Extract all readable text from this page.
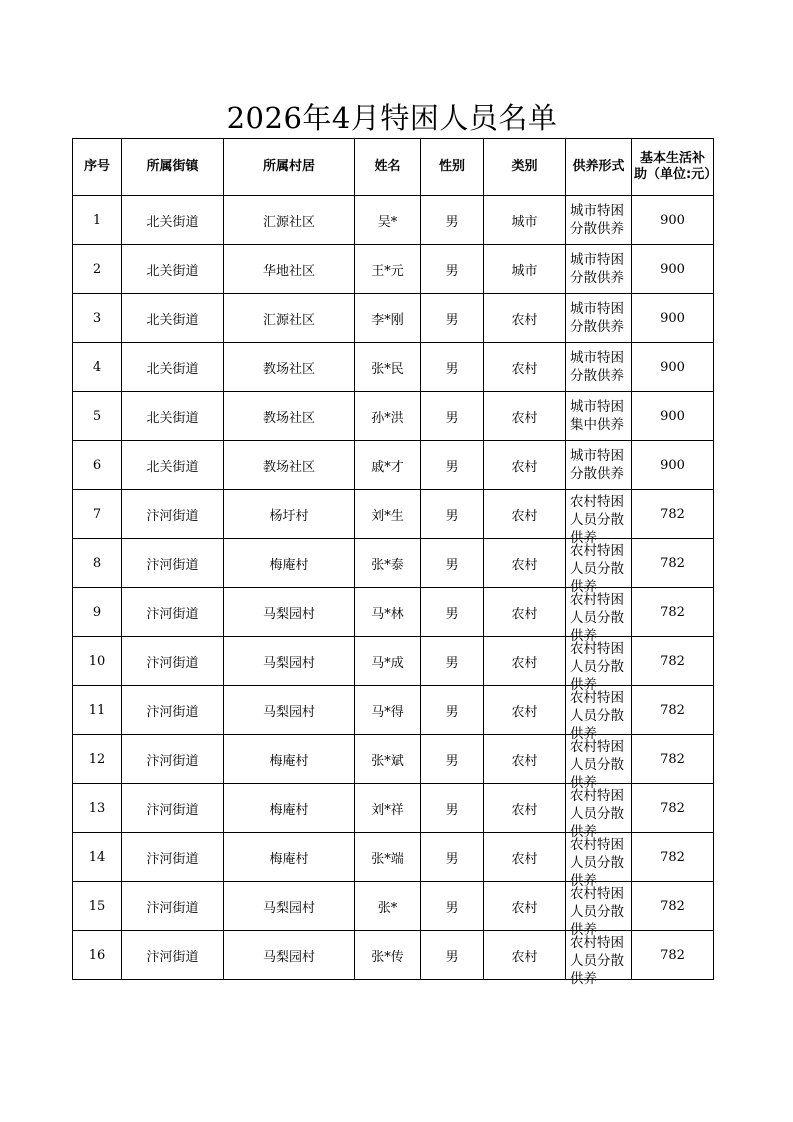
2026年4月特困人员名单
序号	所属街镇	所属村居	姓名	性别	类别	供养形式	基本生活补助（单位:元）

1	北关街道	汇源社区	吴*	男	城市	城市特困分散供养	900
2	北关街道	华地社区	王*元	男	城市	城市特困分散供养	900
3	北关街道	汇源社区	李*刚	男	农村	城市特困分散供养	900
4	北关街道	教场社区	张*民	男	农村	城市特困分散供养	900
5	北关街道	教场社区	孙*洪	男	农村	城市特困集中供养	900
6	北关街道	教场社区	戚*才	男	农村	城市特困分散供养	900
7	汴河街道	杨圩村	刘*生	男	农村	农村特困人员分散供养	782
8	汴河街道	梅庵村	张*泰	男	农村	农村特困人员分散供养	782
9	汴河街道	马梨园村	马*林	男	农村	农村特困人员分散供养	782
10	汴河街道	马梨园村	马*成	男	农村	农村特困人员分散供养	782
11	汴河街道	马梨园村	马*得	男	农村	农村特困人员分散供养	782
12	汴河街道	梅庵村	张*斌	男	农村	农村特困人员分散供养	782
13	汴河街道	梅庵村	刘*祥	男	农村	农村特困人员分散供养	782
14	汴河街道	梅庵村	张*端	男	农村	农村特困人员分散供养	782
15	汴河街道	马梨园村	张*	男	农村	农村特困人员分散供养	782
16	汴河街道	马梨园村	张*传	男	农村	农村特困人员分散供养	782
